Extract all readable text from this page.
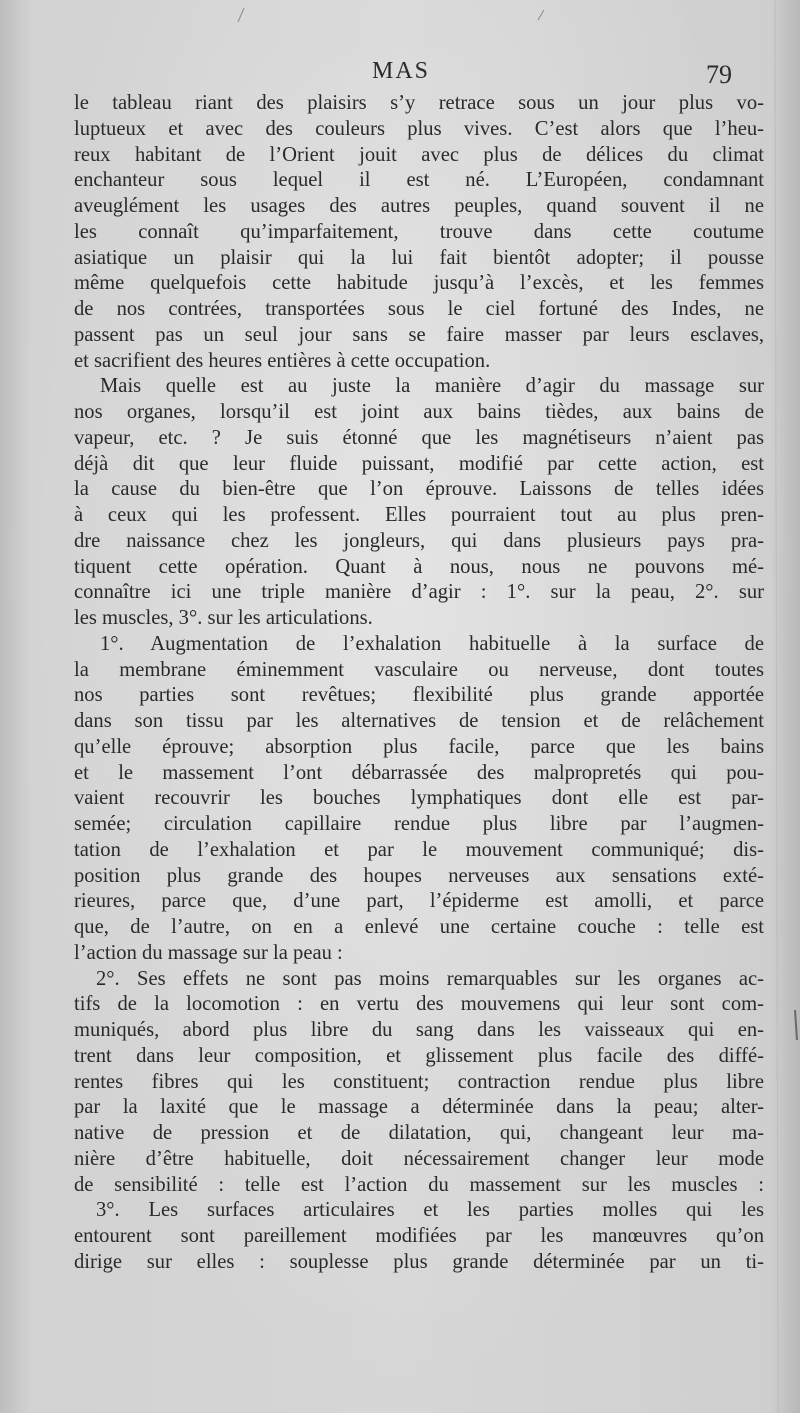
MAS	79
le tableau riant des plaisirs s’y retrace sous un jour plus vo-
luptueux et avec des couleurs plus vives. C’est alors que l’heu-
reux habitant de l’Orient jouit avec plus de délices du climat
enchanteur sous lequel il est né. L’Européen, condamnant
aveuglément les usages des autres peuples, quand souvent il ne
les connaît qu’imparfaitement, trouve dans cette coutume
asiatique un plaisir qui la lui fait bientôt adopter; il pousse
même quelquefois cette habitude jusqu’à l’excès, et les femmes
de nos contrées, transportées sous le ciel fortuné des Indes, ne
passent pas un seul jour sans se faire masser par leurs esclaves,
et sacrifient des heures entières à cette occupation.
Mais quelle est au juste la manière d’agir du massage sur
nos organes, lorsqu’il est joint aux bains tièdes, aux bains de
vapeur, etc. ? Je suis étonné que les magnétiseurs n’aient pas
déjà dit que leur fluide puissant, modifié par cette action, est
la cause du bien-être que l’on éprouve. Laissons de telles idées
à ceux qui les professent. Elles pourraient tout au plus pren-
dre naissance chez les jongleurs, qui dans plusieurs pays pra-
tiquent cette opération. Quant à nous, nous ne pouvons mé-
connaître ici une triple manière d’agir : 1°. sur la peau, 2°. sur
les muscles, 3°. sur les articulations.
1°. Augmentation de l’exhalation habituelle à la surface de
la membrane éminemment vasculaire ou nerveuse, dont toutes
nos parties sont revêtues; flexibilité plus grande apportée
dans son tissu par les alternatives de tension et de relâchement
qu’elle éprouve; absorption plus facile, parce que les bains
et le massement l’ont débarrassée des malpropretés qui pou-
vaient recouvrir les bouches lymphatiques dont elle est par-
semée; circulation capillaire rendue plus libre par l’augmen-
tation de l’exhalation et par le mouvement communiqué; dis-
position plus grande des houpes nerveuses aux sensations exté-
rieures, parce que, d’une part, l’épiderme est amolli, et parce
que, de l’autre, on en a enlevé une certaine couche : telle est
l’action du massage sur la peau :
2°. Ses effets ne sont pas moins remarquables sur les organes ac-
tifs de la locomotion : en vertu des mouvemens qui leur sont com-
muniqués, abord plus libre du sang dans les vaisseaux qui en-
trent dans leur composition, et glissement plus facile des diffé-
rentes fibres qui les constituent; contraction rendue plus libre
par la laxité que le massage a déterminée dans la peau; alter-
native de pression et de dilatation, qui, changeant leur ma-
nière d’être habituelle, doit nécessairement changer leur mode
de sensibilité : telle est l’action du massement sur les muscles :
3°. Les surfaces articulaires et les parties molles qui les
entourent sont pareillement modifiées par les manœuvres qu’on
dirige sur elles : souplesse plus grande déterminée par un ti-
